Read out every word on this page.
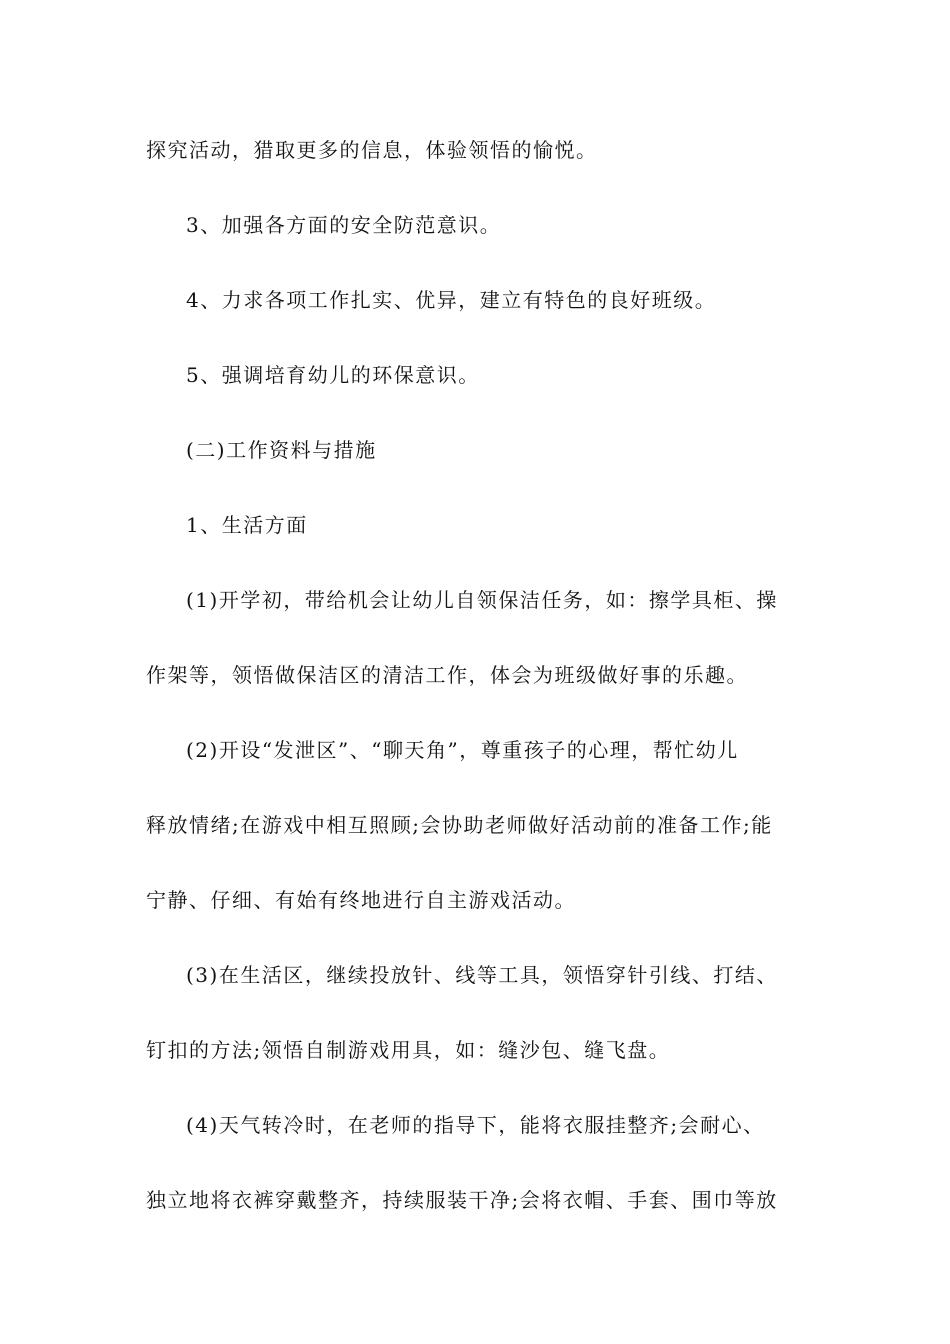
探究活动，猎取更多的信息，体验领悟的愉悦。
3、加强各方面的安全防范意识。
4、力求各项工作扎实、优异，建立有特色的良好班级。
5、强调培育幼儿的环保意识。
(二)工作资料与措施
1、生活方面
(1)开学初，带给机会让幼儿自领保洁任务，如：擦学具柜、操
作架等，领悟做保洁区的清洁工作，体会为班级做好事的乐趣。
(2)开设“发泄区”、“聊天角”，尊重孩子的心理，帮忙幼儿
释放情绪;在游戏中相互照顾;会协助老师做好活动前的准备工作;能
宁静、仔细、有始有终地进行自主游戏活动。
(3)在生活区，继续投放针、线等工具，领悟穿针引线、打结、
钉扣的方法;领悟自制游戏用具，如：缝沙包、缝飞盘。
(4)天气转冷时，在老师的指导下，能将衣服挂整齐;会耐心、
独立地将衣裤穿戴整齐，持续服装干净;会将衣帽、手套、围巾等放
